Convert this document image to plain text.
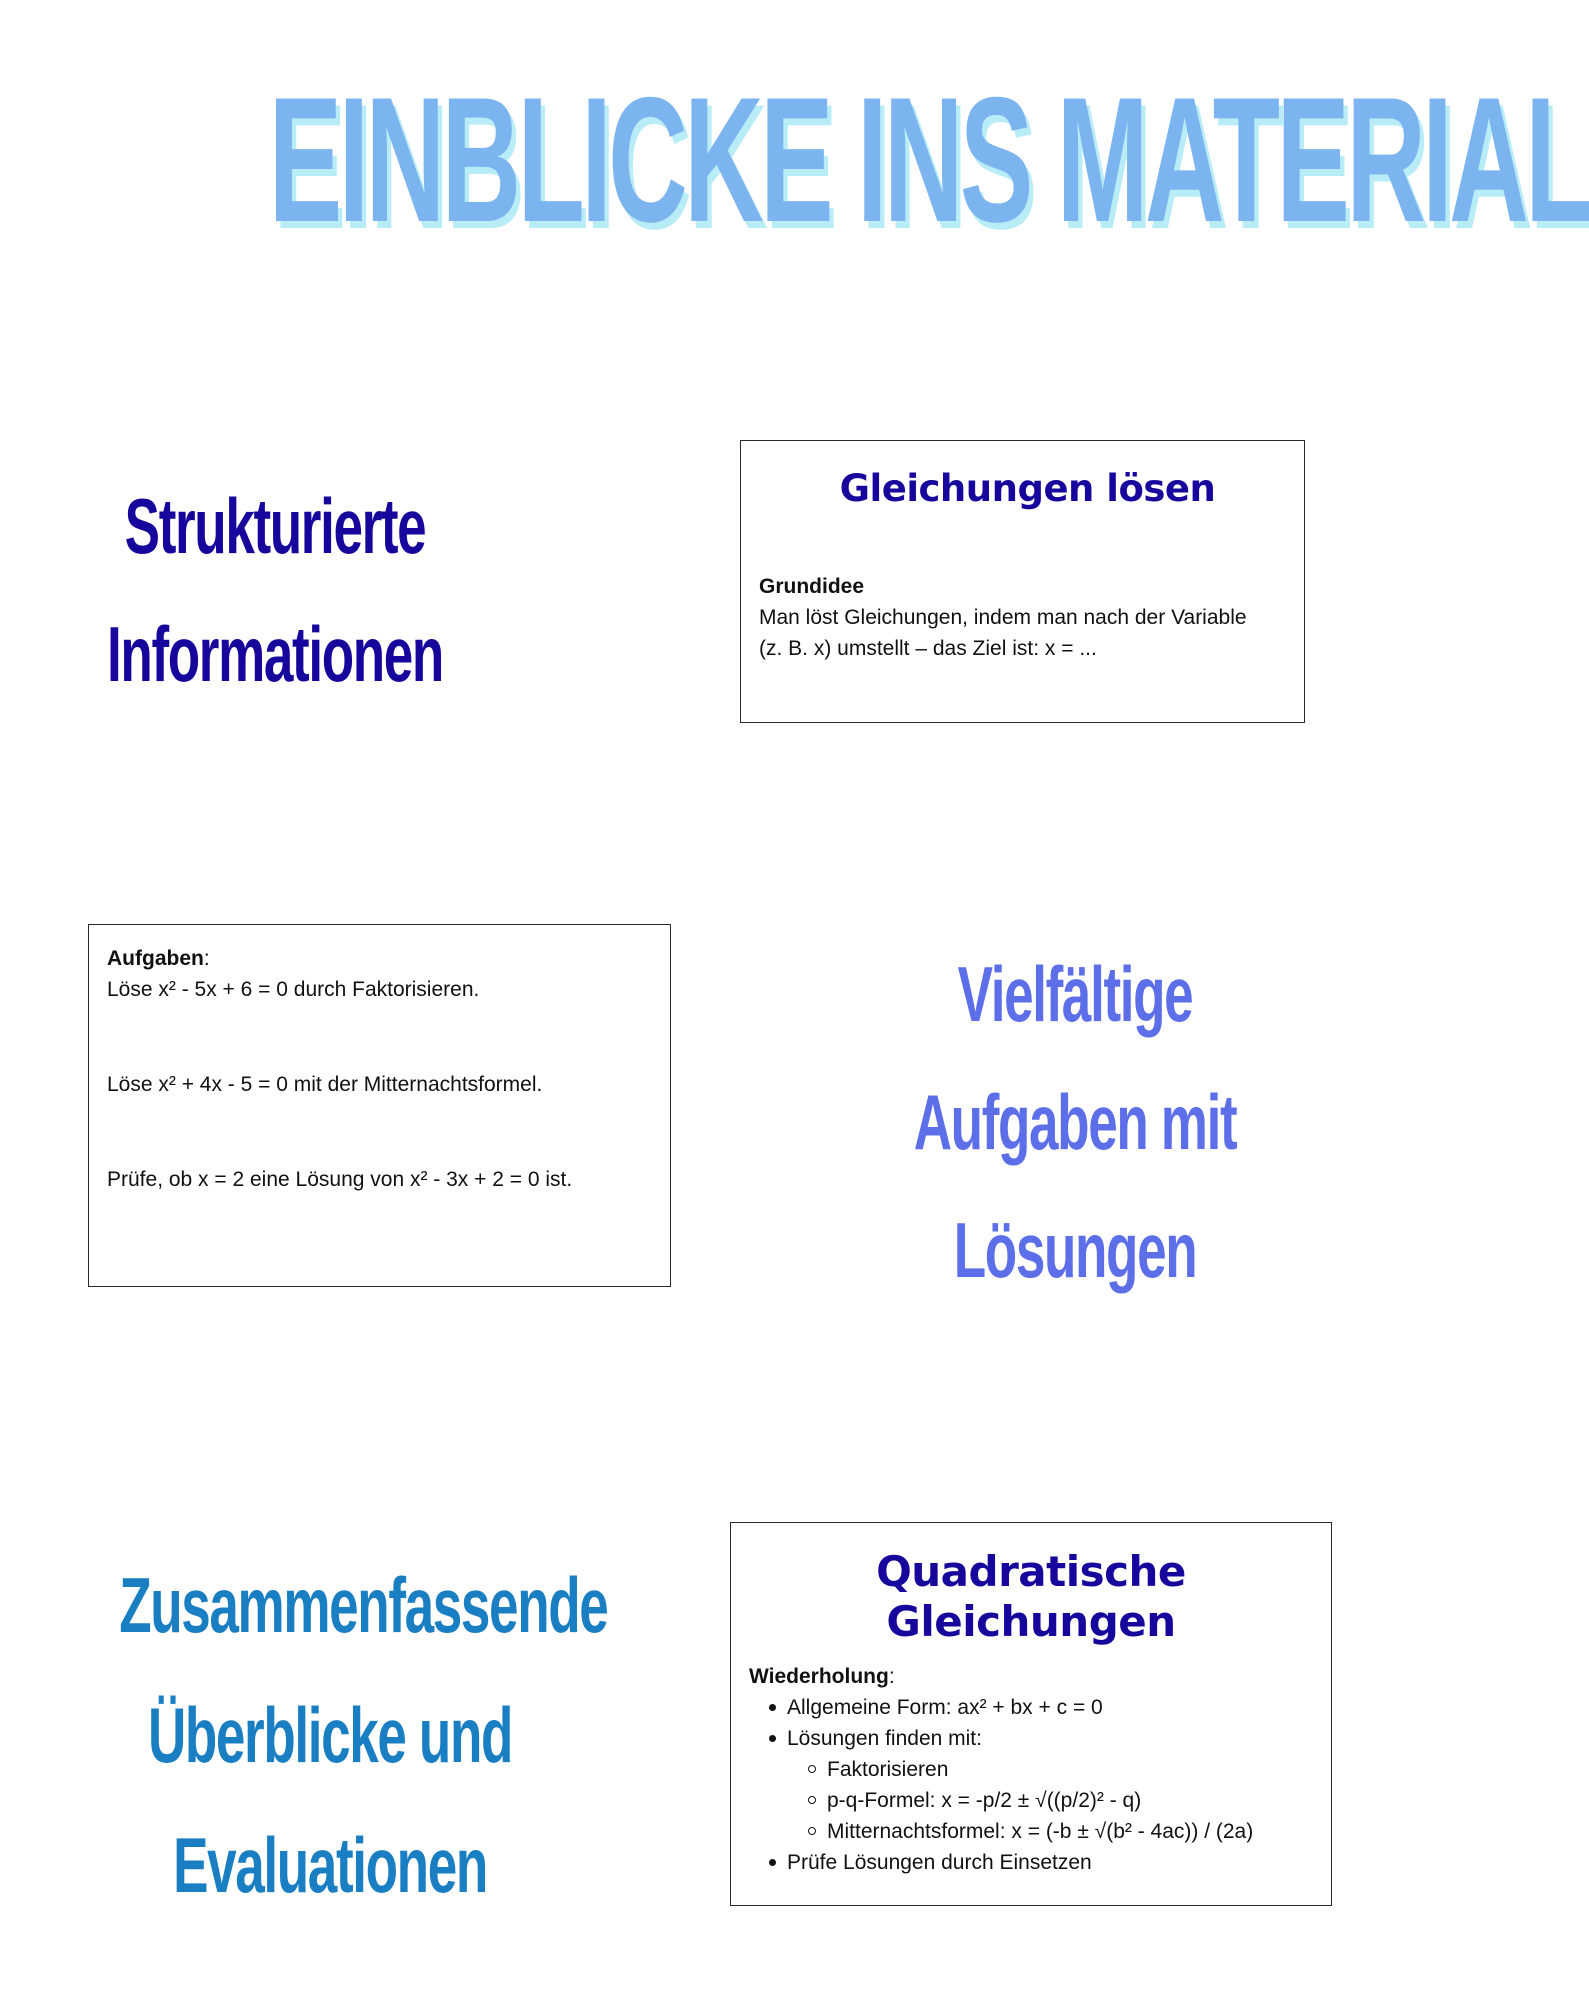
EINBLICKE INS MATERIAL
Strukturierte
Informationen
Gleichungen lösen
Grundidee
Man löst Gleichungen, indem man nach der Variable
(z. B. x) umstellt – das Ziel ist: x = ...
Aufgaben:
Löse x² - 5x + 6 = 0 durch Faktorisieren.
Löse x² + 4x - 5 = 0 mit der Mitternachtsformel.
Prüfe, ob x = 2 eine Lösung von x² - 3x + 2 = 0 ist.
Vielfältige
Aufgaben mit
Lösungen
Zusammenfassende
Überblicke und
Evaluationen
Quadratische Gleichungen
Wiederholung:
Allgemeine Form: ax² + bx + c = 0
Lösungen finden mit:
Faktorisieren
p-q-Formel: x = -p/2 ± √((p/2)² - q)
Mitternachtsformel: x = (-b ± √(b² - 4ac)) / (2a)
Prüfe Lösungen durch Einsetzen
